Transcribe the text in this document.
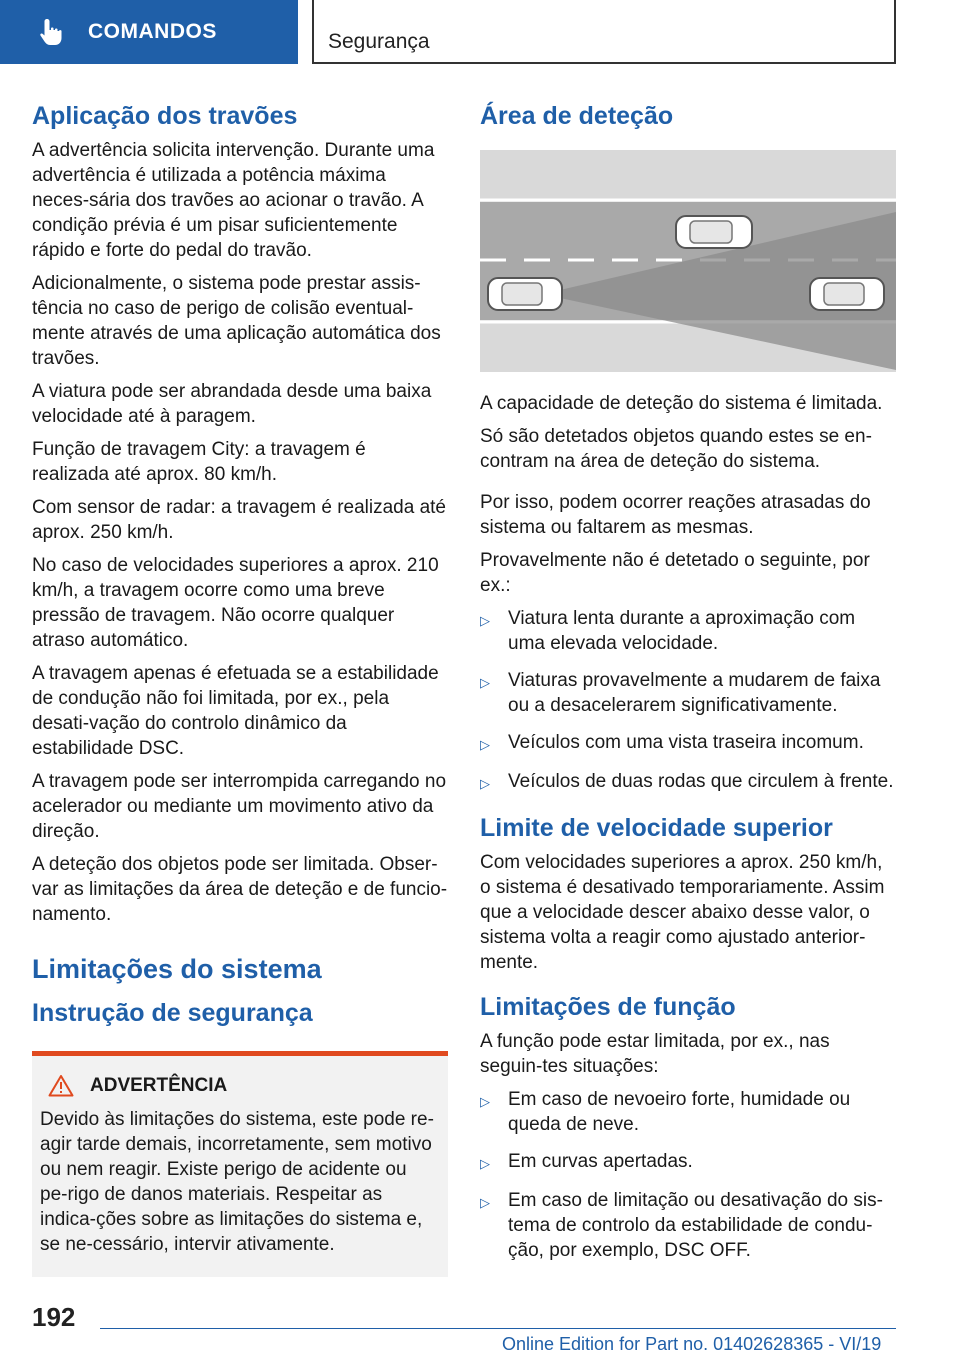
COMANDOS	Segurança
Aplicação dos travões

A advertência solicita intervenção. Durante uma advertência é utilizada a potência máxima neces-sária dos travões ao acionar o travão. A condição prévia é um pisar suficientemente rápido e forte do pedal do travão.

Adicionalmente, o sistema pode prestar assis-tência no caso de perigo de colisão eventual-mente através de uma aplicação automática dos travões.

A viatura pode ser abrandada desde uma baixa velocidade até à paragem.

Função de travagem City: a travagem é realizada até aprox. 80 km/h.

Com sensor de radar: a travagem é realizada até aprox. 250 km/h.

No caso de velocidades superiores a aprox. 210 km/h, a travagem ocorre como uma breve pressão de travagem. Não ocorre qualquer atraso automático.

A travagem apenas é efetuada se a estabilidade de condução não foi limitada, por ex., pela desati-vação do controlo dinâmico da estabilidade DSC.

A travagem pode ser interrompida carregando no acelerador ou mediante um movimento ativo da direção.

A deteção dos objetos pode ser limitada. Obser-var as limitações da área de deteção e de funcio-namento.

Limitações do sistema
Instrução de segurança
ADVERTÊNCIA

Devido às limitações do sistema, este pode re-agir tarde demais, incorretamente, sem motivo ou nem reagir. Existe perigo de acidente ou pe-rigo de danos materiais. Respeitar as indica-ções sobre as limitações do sistema e, se ne-cessário, intervir ativamente.

Área de deteção

A capacidade de deteção do sistema é limitada.

Só são detetados objetos quando estes se en-contram na área de deteção do sistema.

Por isso, podem ocorrer reações atrasadas do sistema ou faltarem as mesmas.

Provavelmente não é detetado o seguinte, por ex.:

▷ Viatura lenta durante a aproximação com uma elevada velocidade.
▷ Viaturas provavelmente a mudarem de faixa ou a desacelerarem significativamente.
▷ Veículos com uma vista traseira incomum.
▷ Veículos de duas rodas que circulem à frente.
Limite de velocidade superior

Com velocidades superiores a aprox. 250 km/h, o sistema é desativado temporariamente. Assim que a velocidade descer abaixo desse valor, o sistema volta a reagir como ajustado anterior-mente.

Limitações de função

A função pode estar limitada, por ex., nas seguin-tes situações:

▷ Em caso de nevoeiro forte, humidade ou queda de neve.
▷ Em curvas apertadas.
▷ Em caso de limitação ou desativação do sis-tema de controlo da estabilidade de condu-ção, por exemplo, DSC OFF.
192
Online Edition for Part no. 01402628365 - VI/19
